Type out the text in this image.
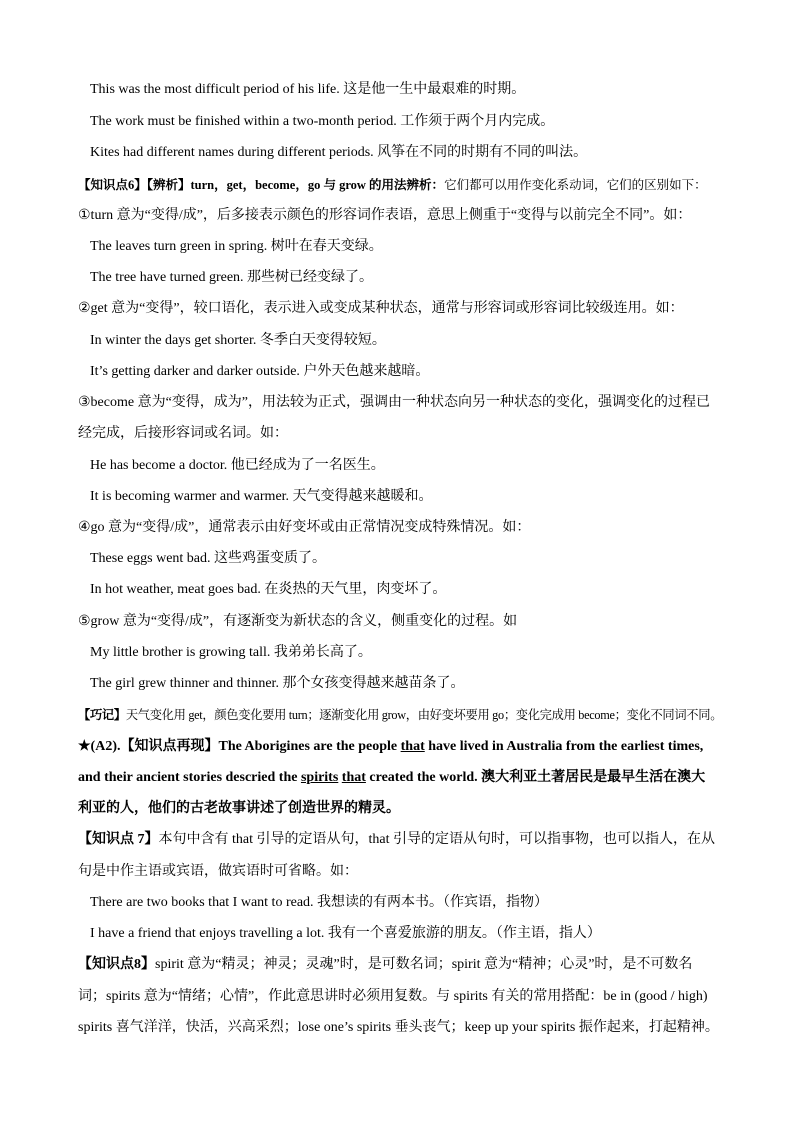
This was the most difficult period of his life. 这是他一生中最艰难的时期。
The work must be finished within a two-month period. 工作须于两个月内完成。
Kites had different names during different periods. 风筝在不同的时期有不同的叫法。
【知识点6】【辨析】turn，get，become，go 与 grow 的用法辨析：它们都可以用作变化系动词，它们的区别如下：
①turn 意为“变得/成”，后多接表示颜色的形容词作表语，意思上侧重于“变得与以前完全不同”。如：
The leaves turn green in spring. 树叶在春天变绿。
The tree have turned green. 那些树已经变绿了。
②get 意为“变得”，较口语化，表示进入或变成某种状态，通常与形容词或形容词比较级连用。如：
In winter the days get shorter. 冬季白天变得较短。
It’s getting darker and darker outside. 户外天色越来越暗。
③become 意为“变得，成为”，用法较为正式，强调由一种状态向另一种状态的变化，强调变化的过程已
经完成，后接形容词或名词。如：
He has become a doctor. 他已经成为了一名医生。
It is becoming warmer and warmer. 天气变得越来越暖和。
④go 意为“变得/成”，通常表示由好变坏或由正常情况变成特殊情况。如：
These eggs went bad. 这些鸡蛋变质了。
In hot weather, meat goes bad. 在炎热的天气里，肉变坏了。
⑤grow 意为“变得/成”，有逐渐变为新状态的含义，侧重变化的过程。如
My little brother is growing tall. 我弟弟长高了。
The girl grew thinner and thinner. 那个女孩变得越来越苗条了。
【巧记】天气变化用 get，颜色变化要用 turn；逐渐变化用 grow，由好变坏要用 go；变化完成用 become；变化不同词不同。
★(A2).【知识点再现】The Aborigines are the people that have lived in Australia from the earliest times,
and their ancient stories descried the spirits that created the world. 澳大利亚土著居民是最早生活在澳大
利亚的人，他们的古老故事讲述了创造世界的精灵。
【知识点 7】本句中含有 that 引导的定语从句，that 引导的定语从句时，可以指事物，也可以指人，在从
句是中作主语或宾语，做宾语时可省略。如：
There are two books that I want to read. 我想读的有两本书。（作宾语，指物）
I have a friend that enjoys travelling a lot. 我有一个喜爱旅游的朋友。（作主语，指人）
【知识点8】spirit 意为“精灵；神灵；灵魂”时，是可数名词；spirit 意为“精神；心灵”时，是不可数名
词；spirits 意为“情绪；心情”，作此意思讲时必须用复数。与 spirits 有关的常用搭配：be in (good / high)
spirits 喜气洋洋，快活，兴高采烈；lose one’s spirits 垂头丧气；keep up your spirits 振作起来，打起精神。
